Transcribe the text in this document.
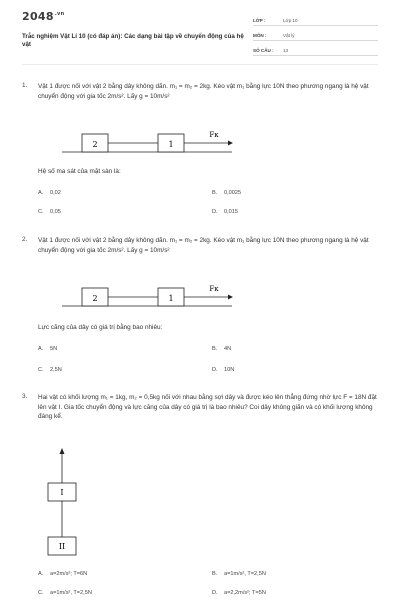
$2048^{.vn}$
Trắc nghiệm Vật Lí 10 (có đáp án): Các dạng bài tập về chuyển động của hệ vật
LỚP :	Lớp 10
MÔN :	Vật lý
SỐ CÂU :	13
1. Vật 1 được nối với vật 2 bằng dây không dãn. m₁ = m₂ = 2kg. Kéo vật m₁ bằng lực 10N theo phương ngang là hệ vật chuyển động với gia tốc 2m/s². Lấy g = 10m/s²
2	1
Fк
Hệ số ma sát của mặt sàn là:
A. 0,02	B. 0,0025
C. 0,05	D. 0,015
2. Vật 1 được nối với vật 2 bằng dây không dãn. m₁ = m₂ = 2kg. Kéo vật m₁ bằng lực 10N theo phương ngang là hệ vật chuyển động với gia tốc 2m/s². Lấy g = 10m/s²
2	1
Fк
Lực căng của dây có giá trị bằng bao nhiêu:
A. 5N	B. 4N
C. 2,5N	D. 10N
3. Hai vật có khối lượng m₁ = 1kg, m₂ = 0,5kg nối với nhau bằng sợi dây và được kéo lên thẳng đứng nhờ lực F = 18N đặt lên vật I. Gia tốc chuyển động và lực căng của dây có giá trị là bao nhiêu? Coi dây không giãn và có khối lượng không đáng kể.
I
II
A. a=2m/s²; T=6N	B. a=1m/s², T=2,5N
C. a=1m/s², T=2,5N	D. a=2,2m/s²; T=5N
